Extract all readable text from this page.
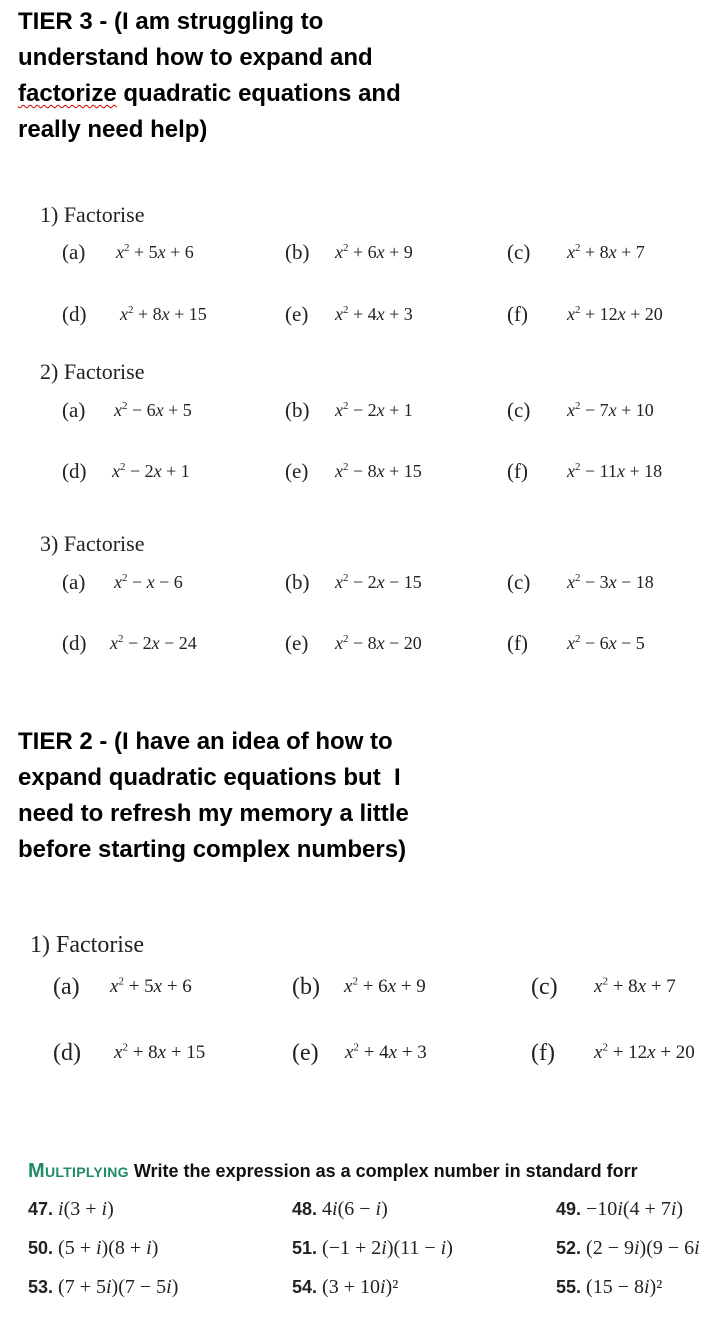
TIER 3 - (I am struggling to
understand how to expand and
factorize quadratic equations and
really need help)
1) Factorise
2) Factorise
3) Factorise
(a) $x^2 + 5x + 6$	(b) $x^2 + 6x + 9$	(c) $x^2 + 8x + 7$
(d) $x^2 + 8x + 15$	(e) $x^2 + 4x + 3$	(f) $x^2 + 12x + 20$
(a) $x^2 - 6x + 5$	(b) $x^2 - 2x + 1$	(c) $x^2 - 7x + 10$
(d) $x^2 - 2x + 1$	(e) $x^2 - 8x + 15$	(f) $x^2 - 11x + 18$
(a) $x^2 - x - 6$	(b) $x^2 - 2x - 15$	(c) $x^2 - 3x - 18$
(d) $x^2 - 2x - 24$	(e) $x^2 - 8x - 20$	(f) $x^2 - 6x - 5$
TIER 2 - (I have an idea of how to
expand quadratic equations but  I
need to refresh my memory a little
before starting complex numbers)
1) Factorise
(a) $x^2 + 5x + 6$	(b) $x^2 + 6x + 9$	(c) $x^2 + 8x + 7$
(d) $x^2 + 8x + 15$	(e) $x^2 + 4x + 3$	(f) $x^2 + 12x + 20$
Multiplying Write the expression as a complex number in standard forr
47. i(3 + i)	48. 4i(6 − i)	49. −10i(4 + 7i)
50. (5 + i)(8 + i)	51. (−1 + 2i)(11 − i)	52. (2 − 9i)(9 − 6i
53. (7 + 5i)(7 − 5i)	54. (3 + 10i)²	55. (15 − 8i)²
